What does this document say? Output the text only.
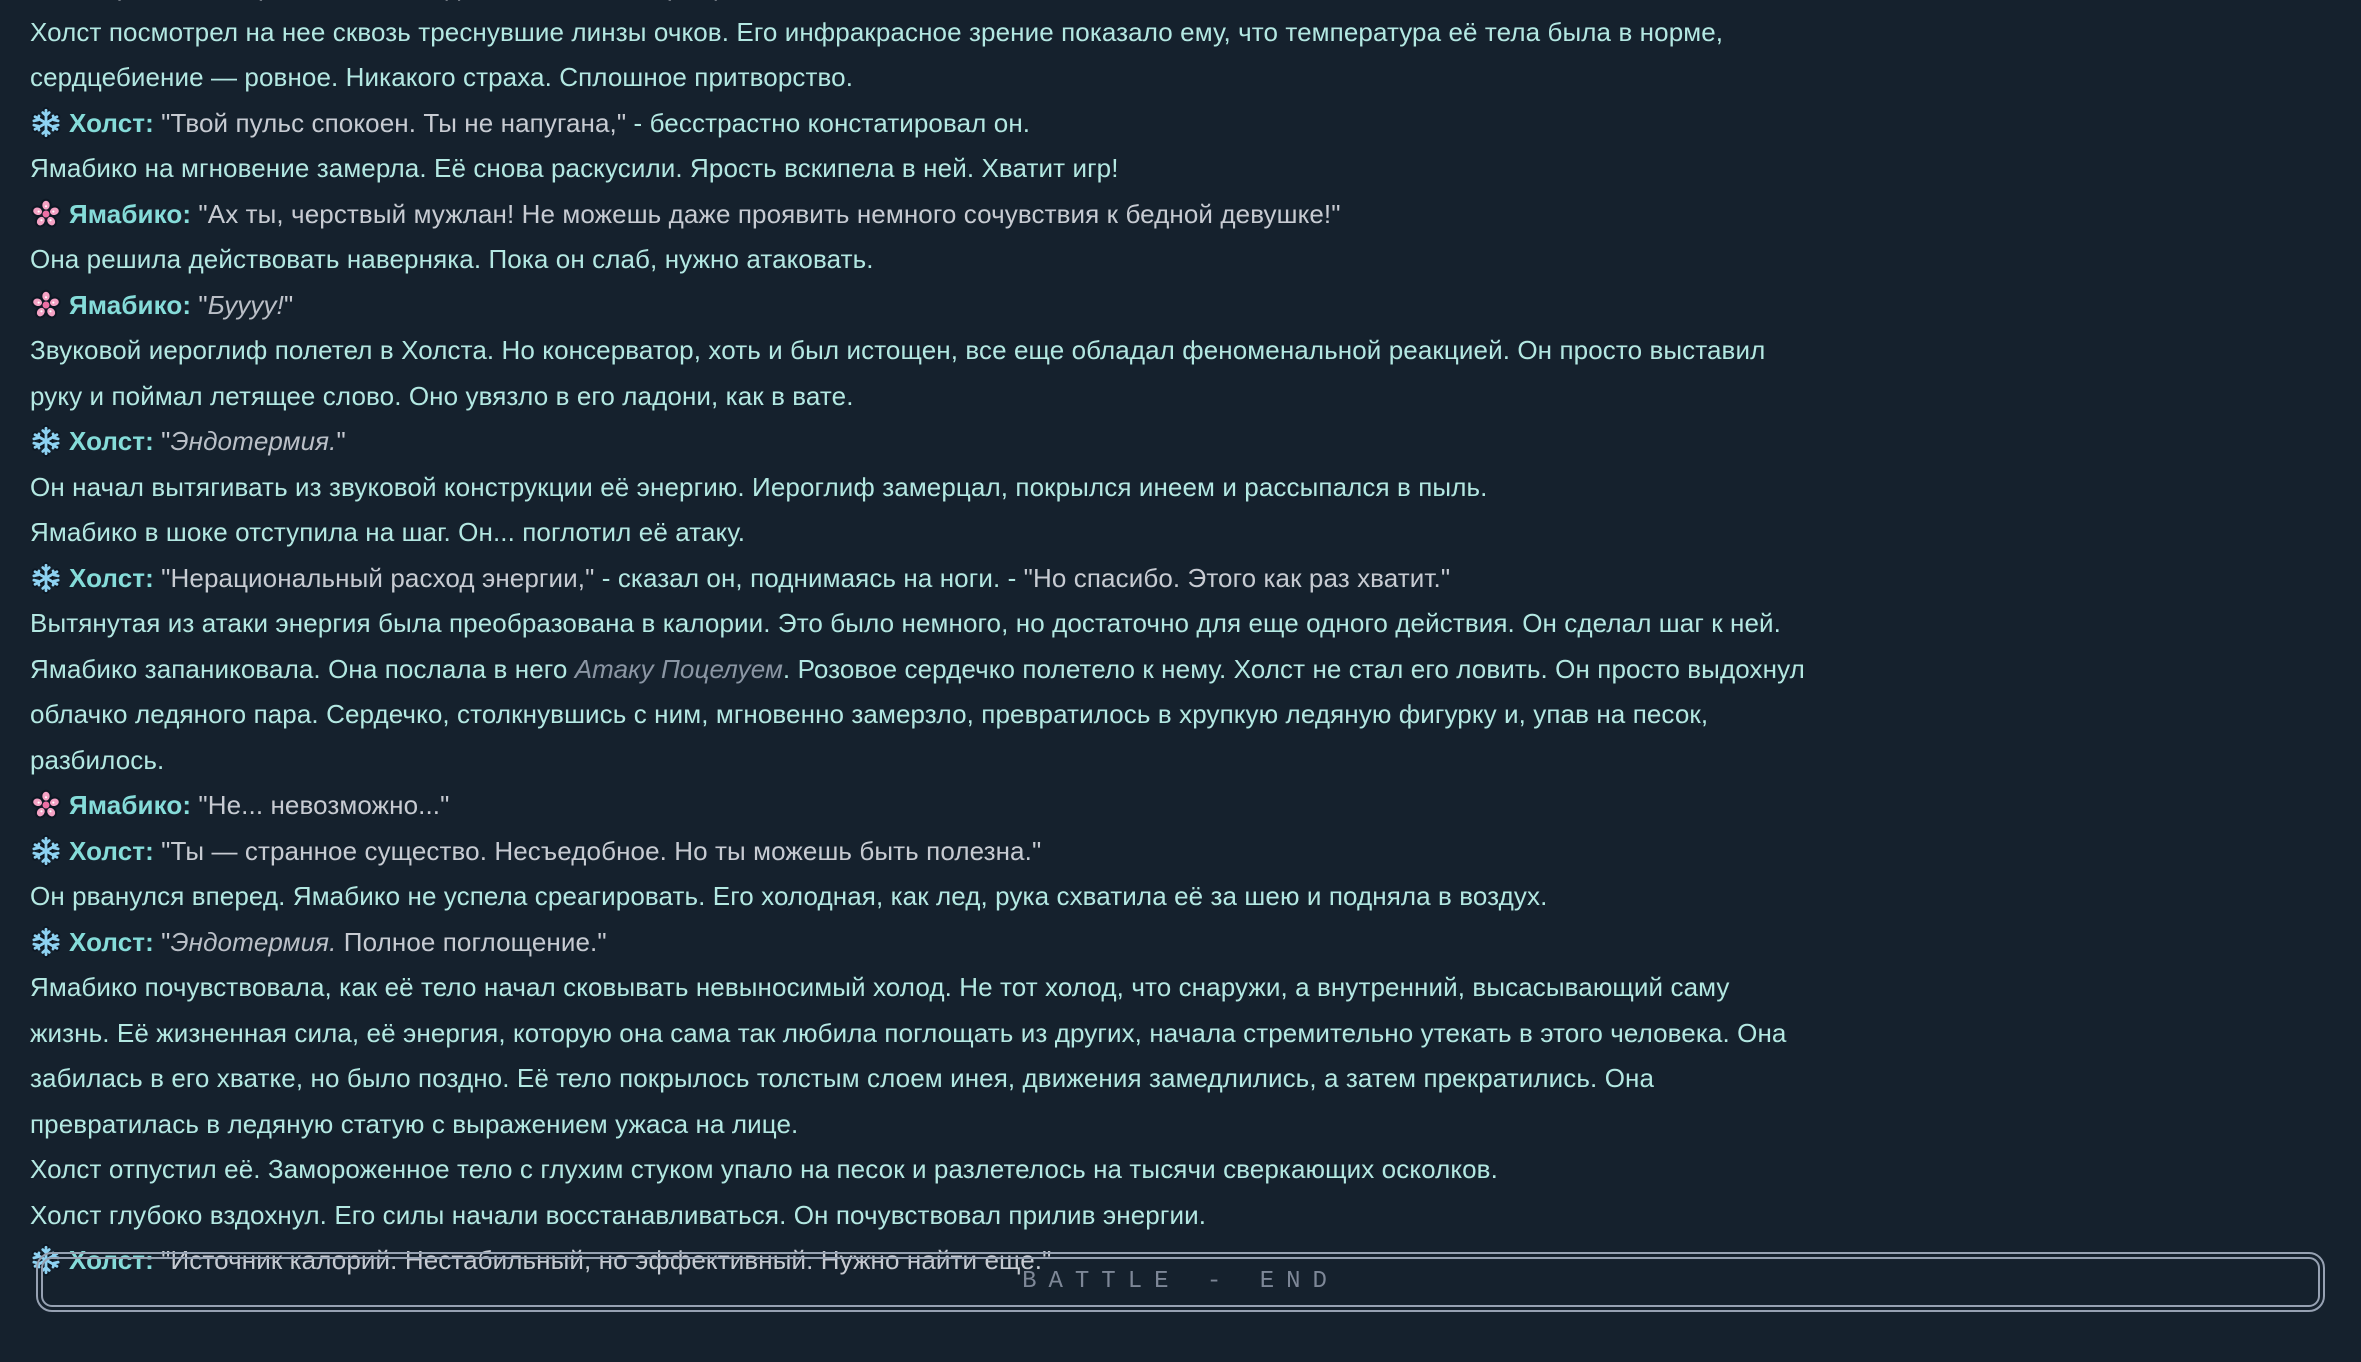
Холст посмотрел на нее сквозь треснувшие линзы очков. Его инфракрасное зрение показало ему, что температура её тела была в норме,

сердцебиение — ровное. Никакого страха. Сплошное притворство.

Холст: "Твой пульс спокоен. Ты не напугана," - бесстрастно констатировал он.

Ямабико на мгновение замерла. Её снова раскусили. Ярость вскипела в ней. Хватит игр!

Ямабико: "Ах ты, черствый мужлан! Не можешь даже проявить немного сочувствия к бедной девушке!"

Она решила действовать наверняка. Пока он слаб, нужно атаковать.

Ямабико: "Буууу!"

Звуковой иероглиф полетел в Холста. Но консерватор, хоть и был истощен, все еще обладал феноменальной реакцией. Он просто выставил

руку и поймал летящее слово. Оно увязло в его ладони, как в вате.

Холст: "Эндотермия."

Он начал вытягивать из звуковой конструкции её энергию. Иероглиф замерцал, покрылся инеем и рассыпался в пыль.

Ямабико в шоке отступила на шаг. Он... поглотил её атаку.

Холст: "Нерациональный расход энергии," - сказал он, поднимаясь на ноги. - "Но спасибо. Этого как раз хватит."

Вытянутая из атаки энергия была преобразована в калории. Это было немного, но достаточно для еще одного действия. Он сделал шаг к ней.

Ямабико запаниковала. Она послала в него Атаку Поцелуем. Розовое сердечко полетело к нему. Холст не стал его ловить. Он просто выдохнул

облачко ледяного пара. Сердечко, столкнувшись с ним, мгновенно замерзло, превратилось в хрупкую ледяную фигурку и, упав на песок,

разбилось.

Ямабико: "Не... невозможно..."

Холст: "Ты — странное существо. Несъедобное. Но ты можешь быть полезна."

Он рванулся вперед. Ямабико не успела среагировать. Его холодная, как лед, рука схватила её за шею и подняла в воздух.

Холст: "Эндотермия. Полное поглощение."

Ямабико почувствовала, как её тело начал сковывать невыносимый холод. Не тот холод, что снаружи, а внутренний, высасывающий саму

жизнь. Её жизненная сила, её энергия, которую она сама так любила поглощать из других, начала стремительно утекать в этого человека. Она

забилась в его хватке, но было поздно. Её тело покрылось толстым слоем инея, движения замедлились, а затем прекратились. Она

превратилась в ледяную статую с выражением ужаса на лице.

Холст отпустил её. Замороженное тело с глухим стуком упало на песок и разлетелось на тысячи сверкающих осколков.

Холст глубоко вздохнул. Его силы начали восстанавливаться. Он почувствовал прилив энергии.

Холст: "Источник калорий. Нестабильный, но эффективный. Нужно найти еще."

BATTLE - END
